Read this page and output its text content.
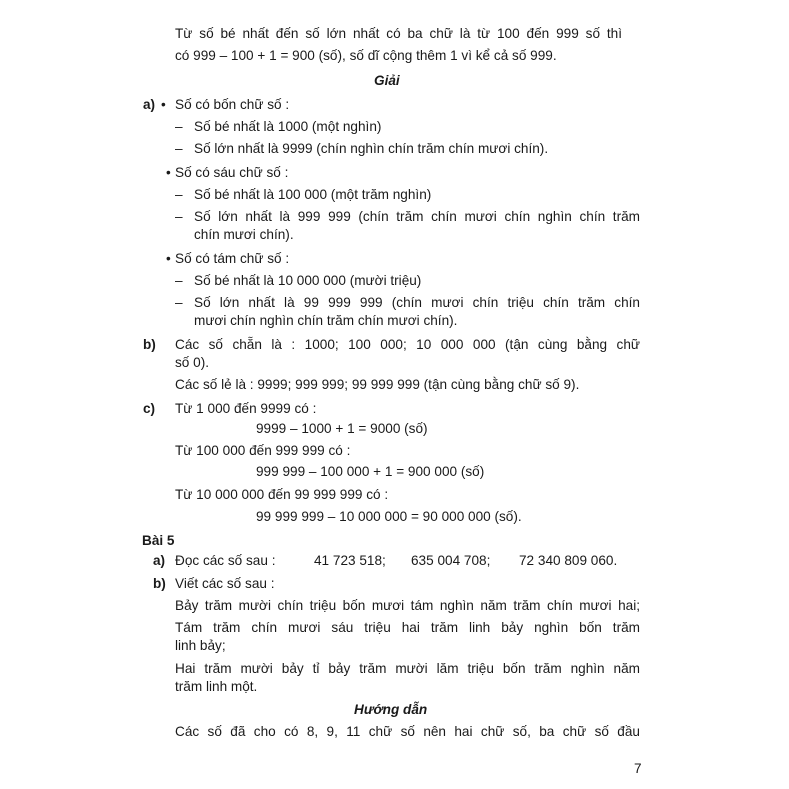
Từ số bé nhất đến số lớn nhất có ba chữ là từ 100 đến 999 số thì
có 999 – 100 + 1 = 900 (số), số dĩ cộng thêm 1 vì kể cả số 999.
Giải
a) • Số có bốn chữ số :
– Số bé nhất là 1000 (một nghìn)
– Số lớn nhất là 9999 (chín nghìn chín trăm chín mươi chín).
• Số có sáu chữ số :
– Số bé nhất là 100 000 (một trăm nghìn)
– Số lớn nhất là 999 999 (chín trăm chín mươi chín nghìn chín trăm
chín mươi chín).
• Số có tám chữ số :
– Số bé nhất là 10 000 000 (mười triệu)
– Số lớn nhất là 99 999 999 (chín mươi chín triệu chín trăm chín
mươi chín nghìn chín trăm chín mươi chín).
b) Các số chẵn là : 1000; 100 000; 10 000 000 (tận cùng bằng chữ
số 0).
Các số lẻ là : 9999; 999 999; 99 999 999 (tận cùng bằng chữ số 9).
c) Từ 1 000 đến 9999 có :
9999 – 1000 + 1 = 9000 (số)
Từ 100 000 đến 999 999 có :
999 999 – 100 000 + 1 = 900 000 (số)
Từ 10 000 000 đến 99 999 999 có :
99 999 999 – 10 000 000 = 90 000 000 (số).
Bài 5
a) Đọc các số sau :	41 723 518; 635 004 708; 72 340 809 060.
b) Viết các số sau :
Bảy trăm mười chín triệu bốn mươi tám nghìn năm trăm chín mươi hai;
Tám trăm chín mươi sáu triệu hai trăm linh bảy nghìn bốn trăm
linh bảy;
Hai trăm mười bảy tỉ bảy trăm mười lăm triệu bốn trăm nghìn năm
trăm linh một.
Hướng dẫn
Các số đã cho có 8, 9, 11 chữ số nên hai chữ số, ba chữ số đầu
7
